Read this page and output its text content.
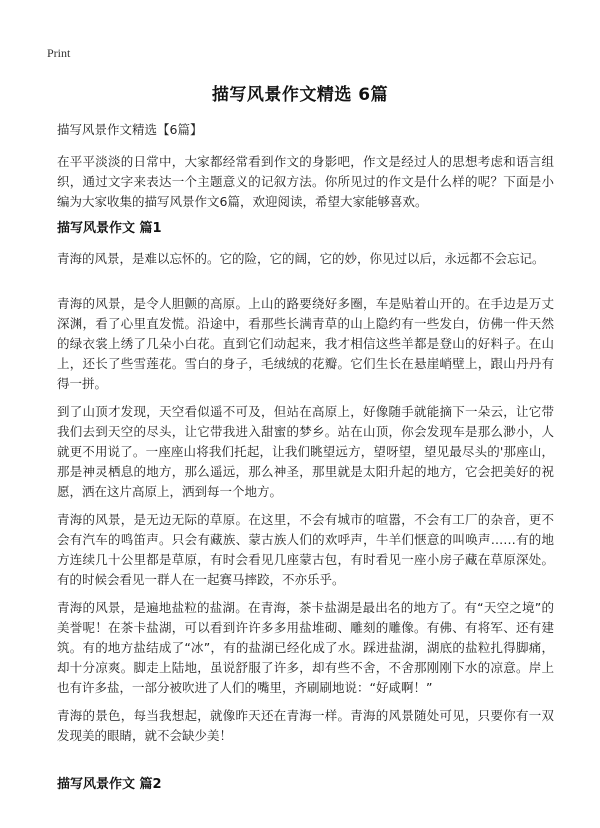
Print
描写风景作文精选 6篇

描写风景作文精选【6篇】

在平平淡淡的日常中，大家都经常看到作文的身影吧，作文是经过人的思想考虑和语言组织，通过文字来表达一个主题意义的记叙方法。你所见过的作文是什么样的呢？下面是小编为大家收集的描写风景作文6篇，欢迎阅读，希望大家能够喜欢。

描写风景作文 篇1

青海的风景，是难以忘怀的。它的险，它的阔，它的妙，你见过以后，永远都不会忘记。

青海的风景，是令人胆颤的高原。上山的路要绕好多圈，车是贴着山开的。在手边是万丈深渊，看了心里直发慌。沿途中，看那些长满青草的山上隐约有一些发白，仿佛一件天然的绿衣裳上绣了几朵小白花。直到它们动起来，我才相信这些羊都是登山的好料子。在山上，还长了些雪莲花。雪白的身子，毛绒绒的花瓣。它们生长在悬崖峭壁上，跟山丹丹有得一拼。

到了山顶才发现，天空看似遥不可及，但站在高原上，好像随手就能摘下一朵云，让它带我们去到天空的尽头，让它带我进入甜蜜的梦乡。站在山顶，你会发现车是那么渺小，人就更不用说了。一座座山将我们托起，让我们眺望远方，望呀望，望见最尽头的'那座山，那是神灵栖息的地方，那么遥远，那么神圣，那里就是太阳升起的地方，它会把美好的祝愿，洒在这片高原上，洒到每一个地方。

青海的风景，是无边无际的草原。在这里，不会有城市的喧嚣，不会有工厂的杂音，更不会有汽车的鸣笛声。只会有藏族、蒙古族人们的欢呼声，牛羊们惬意的叫唤声……有的地方连续几十公里都是草原，有时会看见几座蒙古包，有时看见一座小房子藏在草原深处。有的时候会看见一群人在一起赛马摔跤，不亦乐乎。

青海的风景，是遍地盐粒的盐湖。在青海，茶卡盐湖是最出名的地方了。有“天空之境”的美誉呢！在茶卡盐湖，可以看到许许多多用盐堆砌、雕刻的雕像。有佛、有将军、还有建筑。有的地方盐结成了“冰”，有的盐湖已经化成了水。踩进盐湖，湖底的盐粒扎得脚痛，却十分凉爽。脚走上陆地，虽说舒服了许多，却有些不舍，不舍那刚刚下水的凉意。岸上也有许多盐，一部分被吹进了人们的嘴里，齐刷刷地说：“好咸啊！”

青海的景色，每当我想起，就像昨天还在青海一样。青海的风景随处可见，只要你有一双发现美的眼睛，就不会缺少美！

描写风景作文 篇2
